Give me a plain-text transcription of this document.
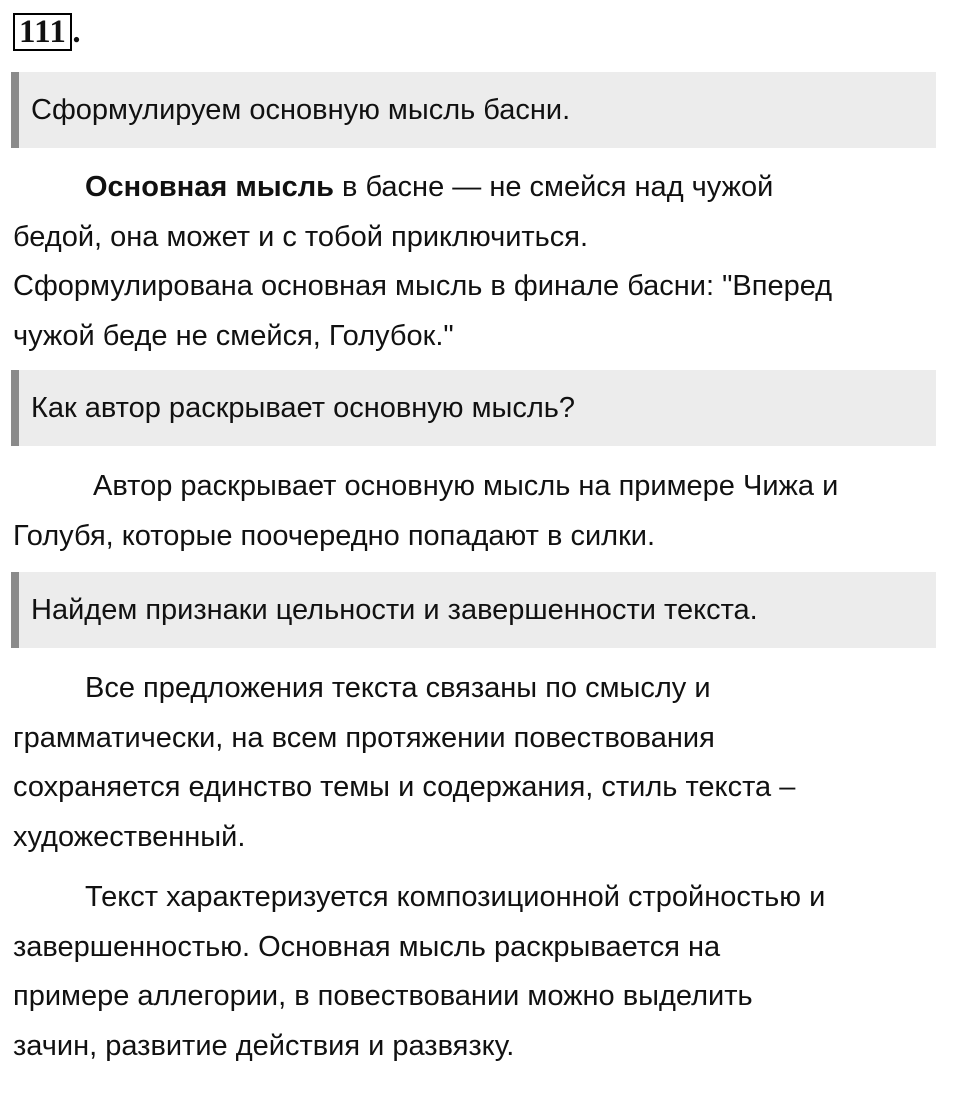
111 .
Сформулируем основную мысль басни.
Основная мысль в басне — не смейся над чужой
бедой, она может и с тобой приключиться.
Сформулирована основная мысль в финале басни: "Вперед
чужой беде не смейся, Голубок."
Как автор раскрывает основную мысль?
Автор раскрывает основную мысль на примере Чижа и
Голубя, которые поочередно попадают в силки.
Найдем признаки цельности и завершенности текста.
Все предложения текста связаны по смыслу и
грамматически, на всем протяжении повествования
сохраняется единство темы и содержания, стиль текста –
художественный.
Текст характеризуется композиционной стройностью и
завершенностью. Основная мысль раскрывается на
примере аллегории, в повествовании можно выделить
зачин, развитие действия и развязку.
